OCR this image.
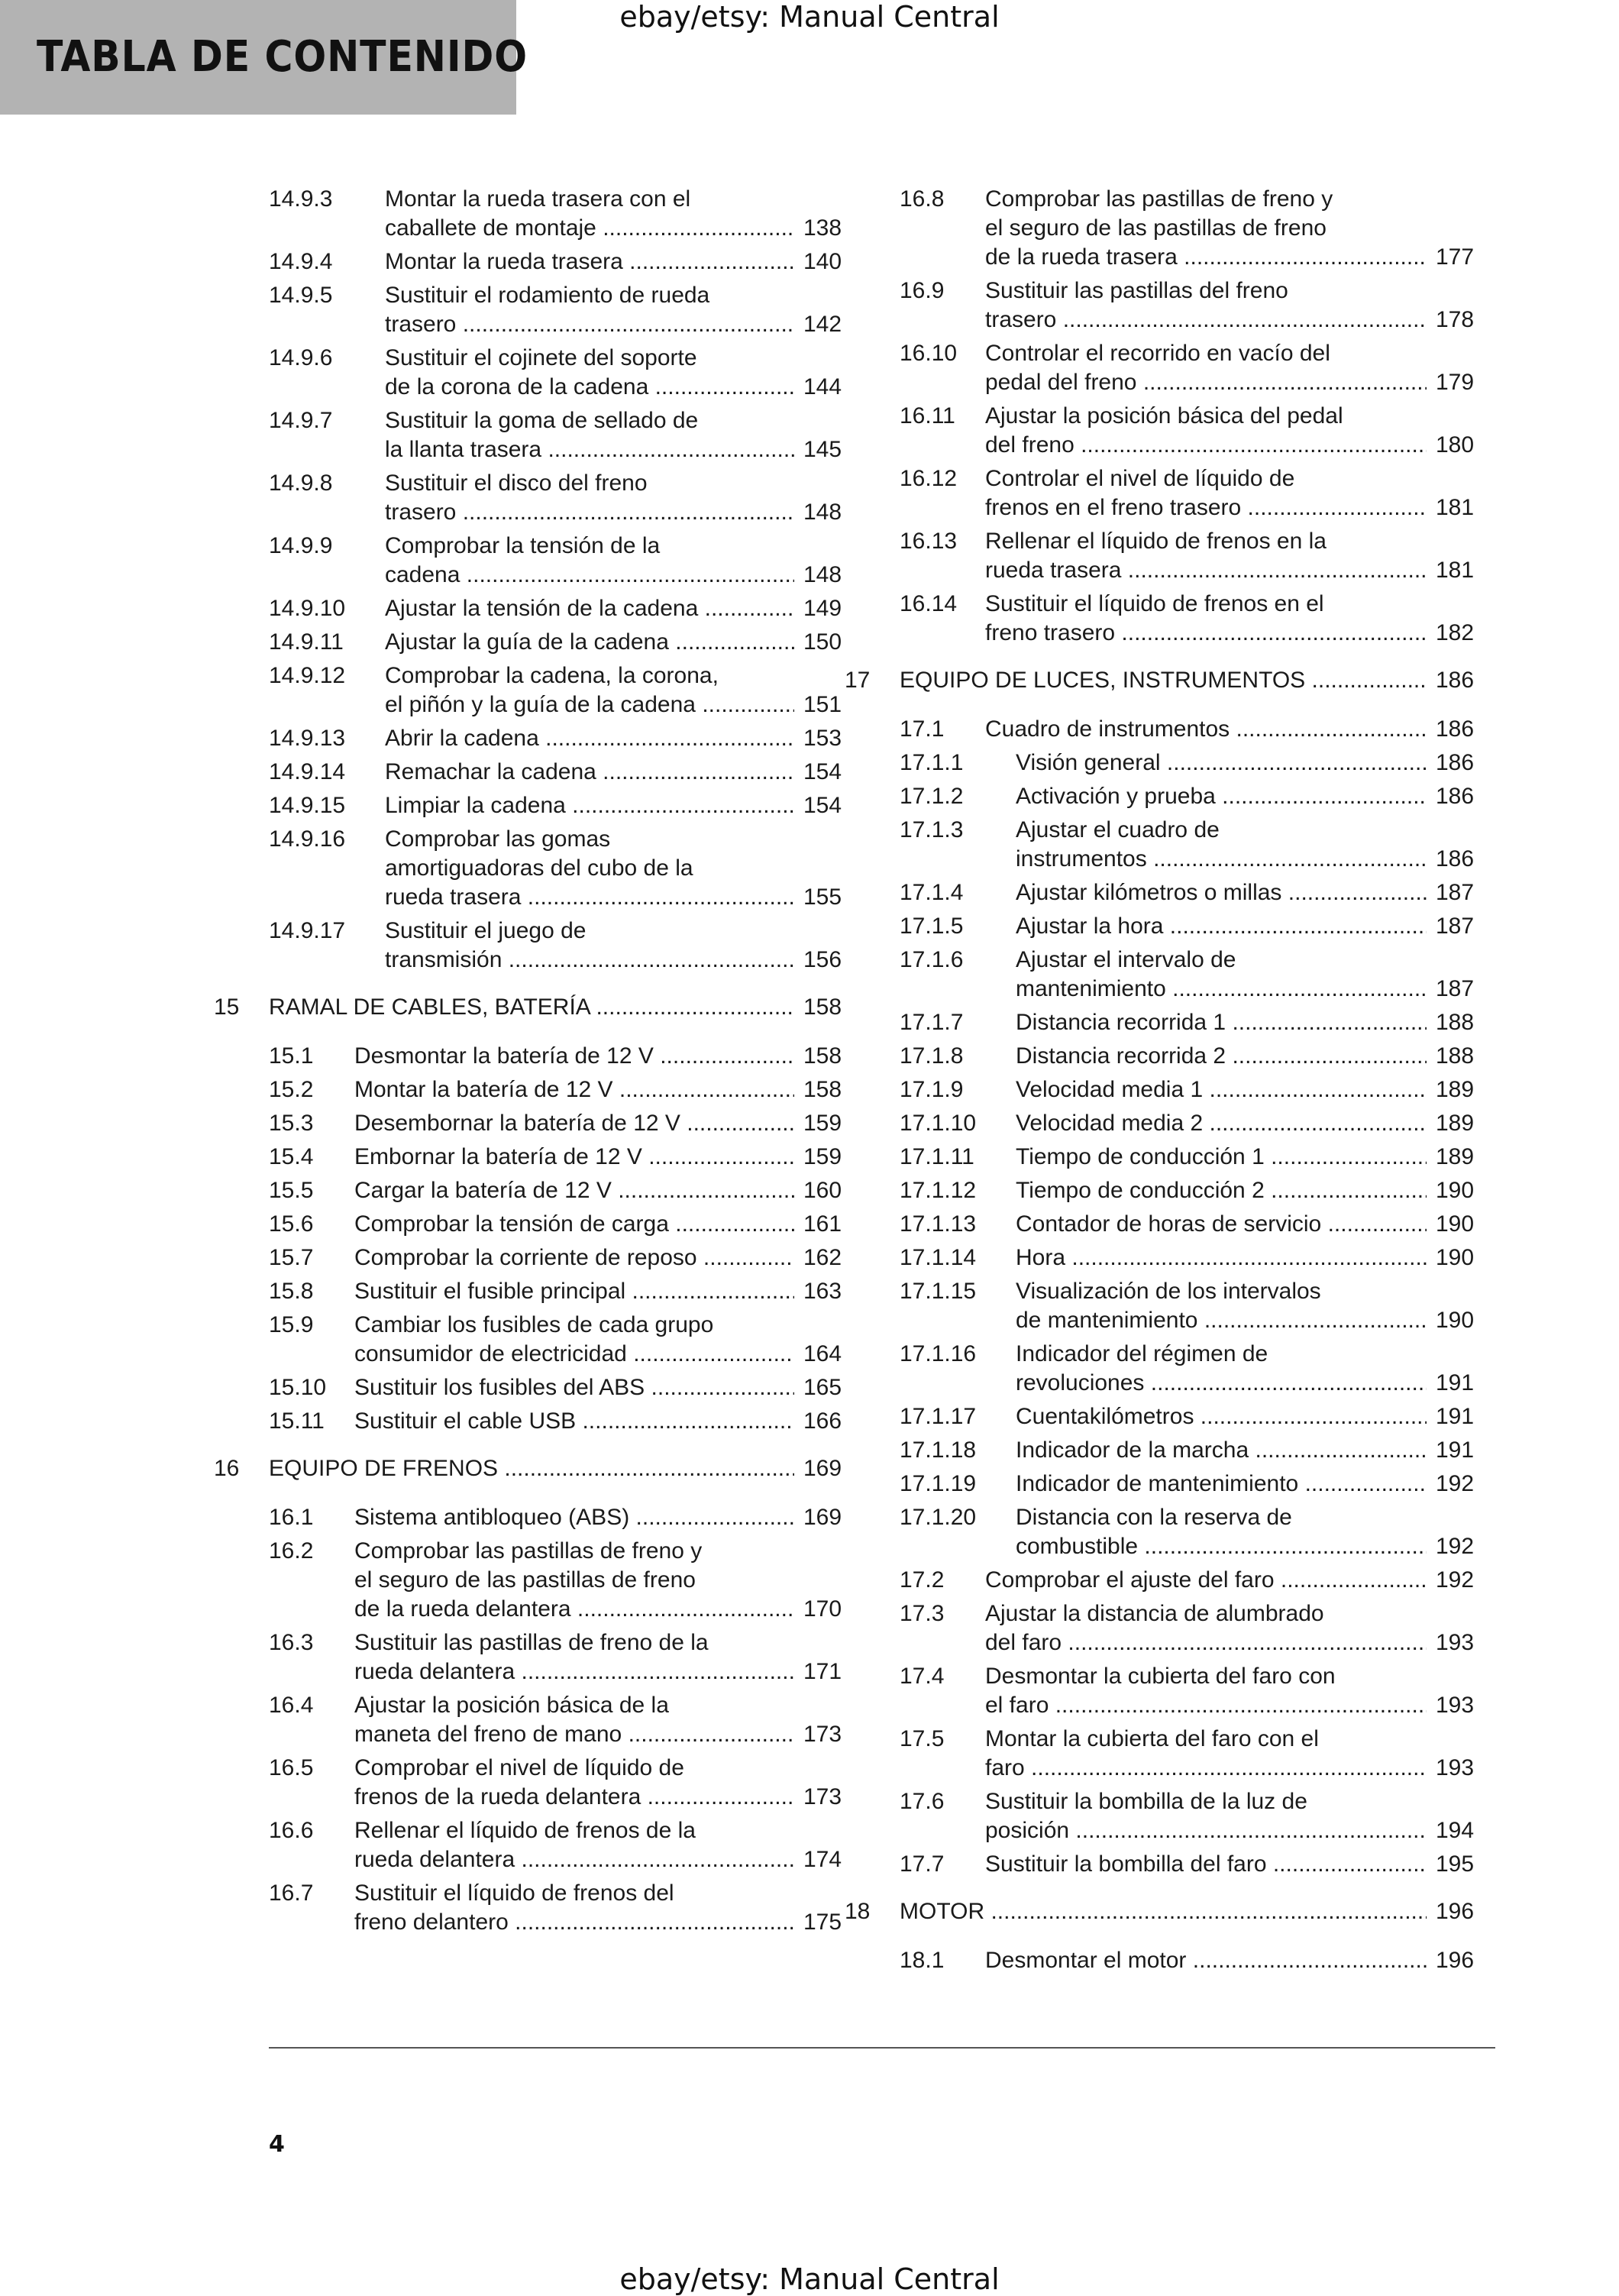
TABLA DE CONTENIDO
ebay/etsy: Manual Central
14.9.3 Montar la rueda trasera con el
caballete de montaje .....	138
14.9.4 Montar la rueda trasera .....	140
14.9.5 Sustituir el rodamiento de rueda
trasero .....	142
14.9.6 Sustituir el cojinete del soporte
de la corona de la cadena .....	144
14.9.7 Sustituir la goma de sellado de
la llanta trasera .....	145
14.9.8 Sustituir el disco del freno
trasero .....	148
14.9.9 Comprobar la tensión de la
cadena .....	148
14.9.10 Ajustar la tensión de la cadena .....	149
14.9.11 Ajustar la guía de la cadena .....	150
14.9.12 Comprobar la cadena, la corona,
el piñón y la guía de la cadena .....	151
14.9.13 Abrir la cadena .....	153
14.9.14 Remachar la cadena .....	154
14.9.15 Limpiar la cadena .....	154
14.9.16 Comprobar las gomas
amortiguadoras del cubo de la
rueda trasera .....	155
14.9.17 Sustituir el juego de
transmisión .....	156
15 RAMAL DE CABLES, BATERÍA .....	158
15.1 Desmontar la batería de 12 V .....	158
15.2 Montar la batería de 12 V .....	158
15.3 Desembornar la batería de 12 V .....	159
15.4 Embornar la batería de 12 V .....	159
15.5 Cargar la batería de 12 V .....	160
15.6 Comprobar la tensión de carga .....	161
15.7 Comprobar la corriente de reposo .....	162
15.8 Sustituir el fusible principal .....	163
15.9 Cambiar los fusibles de cada grupo
consumidor de electricidad .....	164
15.10 Sustituir los fusibles del ABS .....	165
15.11 Sustituir el cable USB .....	166
16 EQUIPO DE FRENOS .....	169
16.1 Sistema antibloqueo (ABS) .....	169
16.2 Comprobar las pastillas de freno y
el seguro de las pastillas de freno
de la rueda delantera .....	170
16.3 Sustituir las pastillas de freno de la
rueda delantera .....	171
16.4 Ajustar la posición básica de la
maneta del freno de mano .....	173
16.5 Comprobar el nivel de líquido de
frenos de la rueda delantera .....	173
16.6 Rellenar el líquido de frenos de la
rueda delantera .....	174
16.7 Sustituir el líquido de frenos del
freno delantero .....	175
16.8 Comprobar las pastillas de freno y
el seguro de las pastillas de freno
de la rueda trasera .....	177
16.9 Sustituir las pastillas del freno
trasero .....	178
16.10 Controlar el recorrido en vacío del
pedal del freno .....	179
16.11 Ajustar la posición básica del pedal
del freno .....	180
16.12 Controlar el nivel de líquido de
frenos en el freno trasero .....	181
16.13 Rellenar el líquido de frenos en la
rueda trasera .....	181
16.14 Sustituir el líquido de frenos en el
freno trasero .....	182
17 EQUIPO DE LUCES, INSTRUMENTOS .....	186
17.1 Cuadro de instrumentos .....	186
17.1.1 Visión general .....	186
17.1.2 Activación y prueba .....	186
17.1.3 Ajustar el cuadro de
instrumentos .....	186
17.1.4 Ajustar kilómetros o millas .....	187
17.1.5 Ajustar la hora .....	187
17.1.6 Ajustar el intervalo de
mantenimiento .....	187
17.1.7 Distancia recorrida 1 .....	188
17.1.8 Distancia recorrida 2 .....	188
17.1.9 Velocidad media 1 .....	189
17.1.10 Velocidad media 2 .....	189
17.1.11 Tiempo de conducción 1 .....	189
17.1.12 Tiempo de conducción 2 .....	190
17.1.13 Contador de horas de servicio .....	190
17.1.14 Hora .....	190
17.1.15 Visualización de los intervalos
de mantenimiento .....	190
17.1.16 Indicador del régimen de
revoluciones .....	191
17.1.17 Cuentakilómetros .....	191
17.1.18 Indicador de la marcha .....	191
17.1.19 Indicador de mantenimiento .....	192
17.1.20 Distancia con la reserva de
combustible .....	192
17.2 Comprobar el ajuste del faro .....	192
17.3 Ajustar la distancia de alumbrado
del faro .....	193
17.4 Desmontar la cubierta del faro con
el faro .....	193
17.5 Montar la cubierta del faro con el
faro .....	193
17.6 Sustituir la bombilla de la luz de
posición .....	194
17.7 Sustituir la bombilla del faro .....	195
18 MOTOR .....	196
18.1 Desmontar el motor .....	196
4
ebay/etsy: Manual Central
